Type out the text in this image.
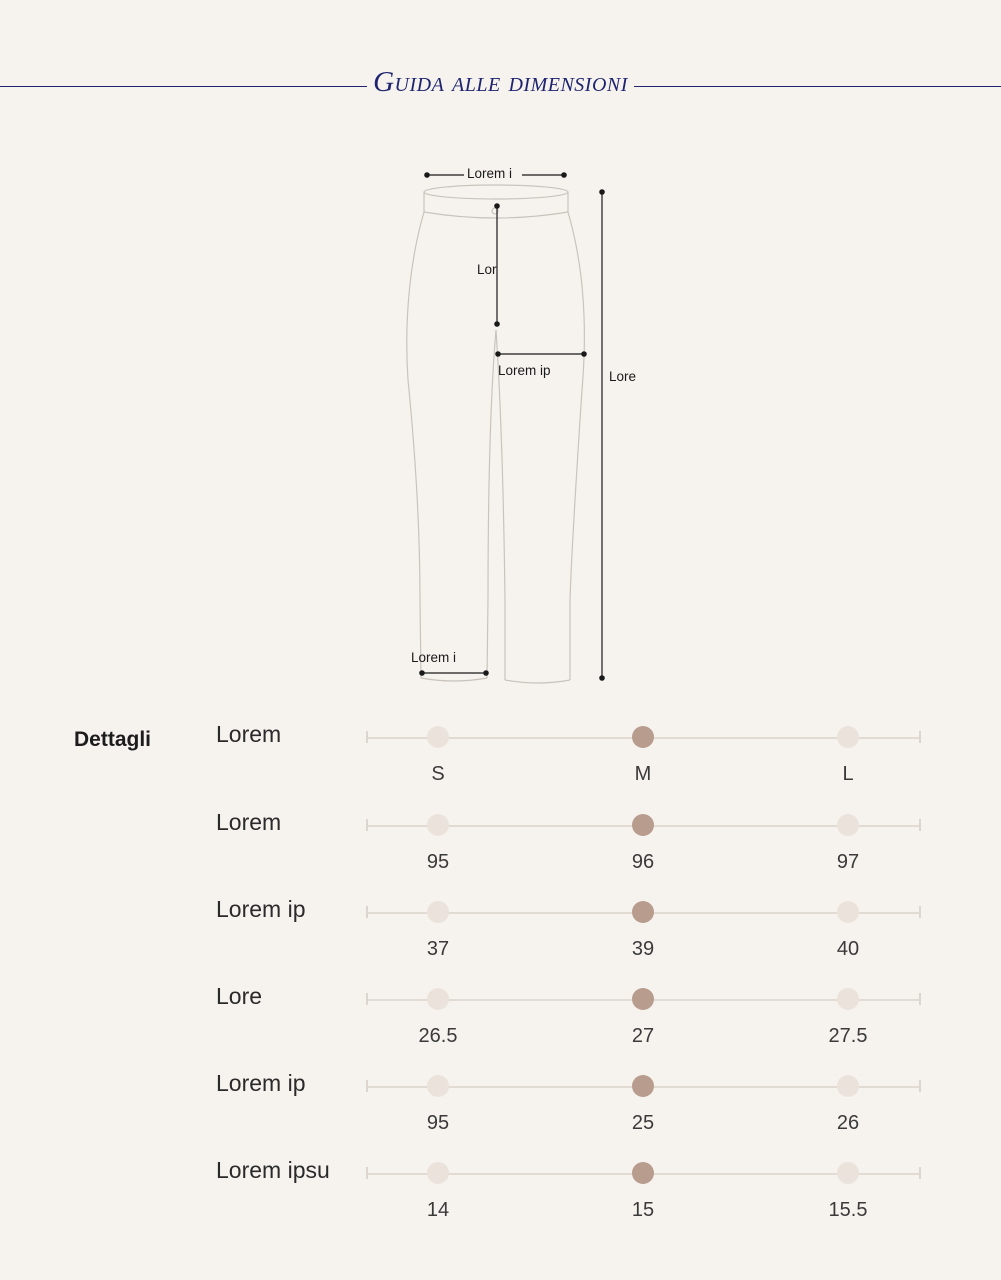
Guida alle dimensioni
Lorem i
Lor
Lorem ip	Lore
Lorem i
Dettagli	Lorem
S	M	L
Lorem
95	96	97
Lorem ip
37	39	40
Lore
26.5	27	27.5
Lorem ip
95	25	26
Lorem ipsu
14	15	15.5
